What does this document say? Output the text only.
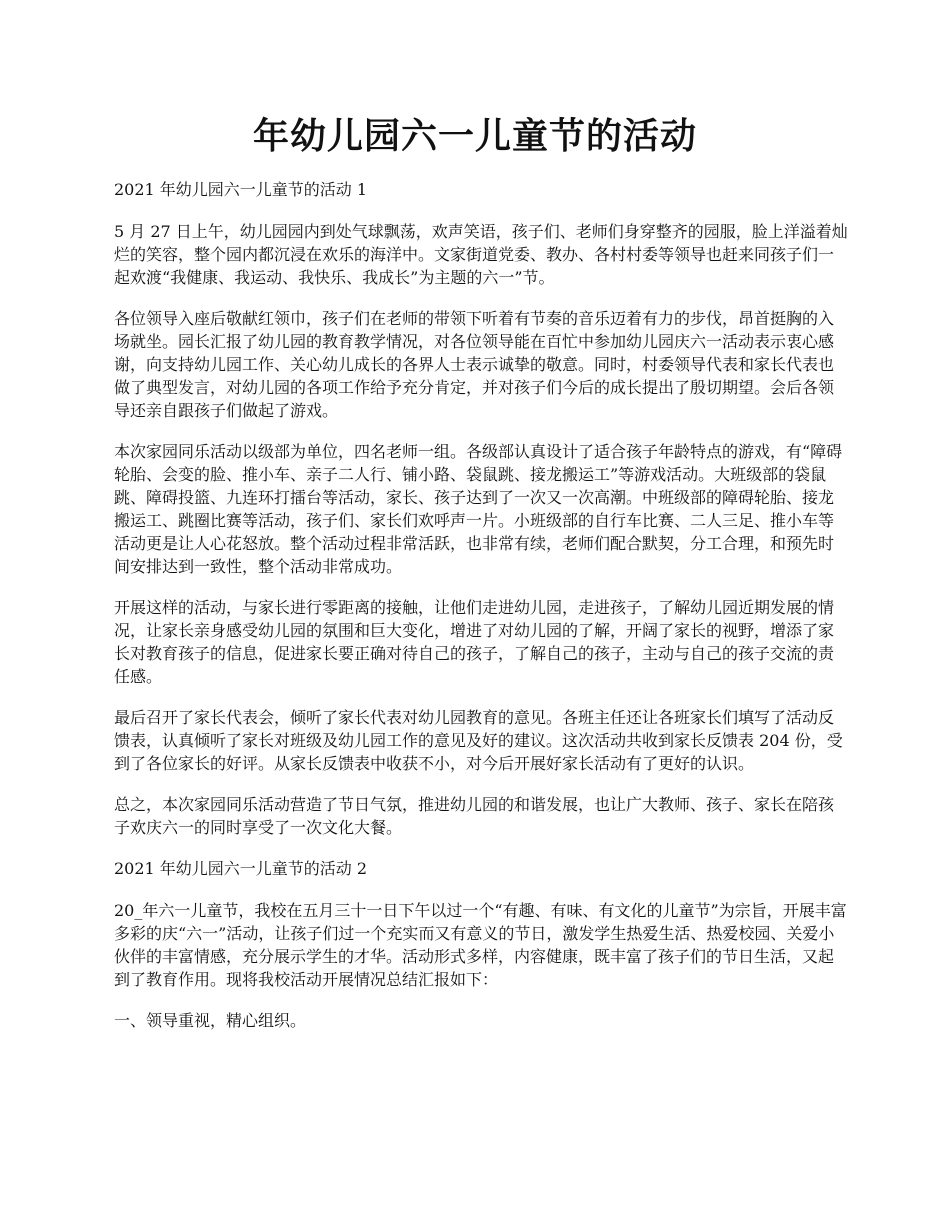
年幼儿园六一儿童节的活动

2021 年幼儿园六一儿童节的活动 1

5 月 27 日上午，幼儿园园内到处气球飘荡，欢声笑语，孩子们、老师们身穿整齐的园服，脸上洋溢着灿烂的笑容，整个园内都沉浸在欢乐的海洋中。文家街道党委、教办、各村村委等领导也赶来同孩子们一起欢渡“我健康、我运动、我快乐、我成长”为主题的六一”节。

各位领导入座后敬献红领巾，孩子们在老师的带领下听着有节奏的音乐迈着有力的步伐，昂首挺胸的入场就坐。园长汇报了幼儿园的教育教学情况，对各位领导能在百忙中参加幼儿园庆六一活动表示衷心感谢，向支持幼儿园工作、关心幼儿成长的各界人士表示诚挚的敬意。同时，村委领导代表和家长代表也做了典型发言，对幼儿园的各项工作给予充分肯定，并对孩子们今后的成长提出了殷切期望。会后各领导还亲自跟孩子们做起了游戏。

本次家园同乐活动以级部为单位，四名老师一组。各级部认真设计了适合孩子年龄特点的游戏，有“障碍轮胎、会变的脸、推小车、亲子二人行、铺小路、袋鼠跳、接龙搬运工”等游戏活动。大班级部的袋鼠跳、障碍投篮、九连环打擂台等活动，家长、孩子达到了一次又一次高潮。中班级部的障碍轮胎、接龙搬运工、跳圈比赛等活动，孩子们、家长们欢呼声一片。小班级部的自行车比赛、二人三足、推小车等活动更是让人心花怒放。整个活动过程非常活跃，也非常有续，老师们配合默契，分工合理，和预先时间安排达到一致性，整个活动非常成功。

开展这样的活动，与家长进行零距离的接触，让他们走进幼儿园，走进孩子，了解幼儿园近期发展的情况，让家长亲身感受幼儿园的氛围和巨大变化，增进了对幼儿园的了解，开阔了家长的视野，增添了家长对教育孩子的信息，促进家长要正确对待自己的孩子，了解自己的孩子，主动与自己的孩子交流的责任感。

最后召开了家长代表会，倾听了家长代表对幼儿园教育的意见。各班主任还让各班家长们填写了活动反馈表，认真倾听了家长对班级及幼儿园工作的意见及好的建议。这次活动共收到家长反馈表 204 份，受到了各位家长的好评。从家长反馈表中收获不小，对今后开展好家长活动有了更好的认识。

总之，本次家园同乐活动营造了节日气氛，推进幼儿园的和谐发展，也让广大教师、孩子、家长在陪孩子欢庆六一的同时享受了一次文化大餐。

2021 年幼儿园六一儿童节的活动 2

20_年六一儿童节，我校在五月三十一日下午以过一个“有趣、有味、有文化的儿童节”为宗旨，开展丰富多彩的庆“六一”活动，让孩子们过一个充实而又有意义的节日，激发学生热爱生活、热爱校园、关爱小伙伴的丰富情感，充分展示学生的才华。活动形式多样，内容健康，既丰富了孩子们的节日生活，又起到了教育作用。现将我校活动开展情况总结汇报如下：

一、领导重视，精心组织。
